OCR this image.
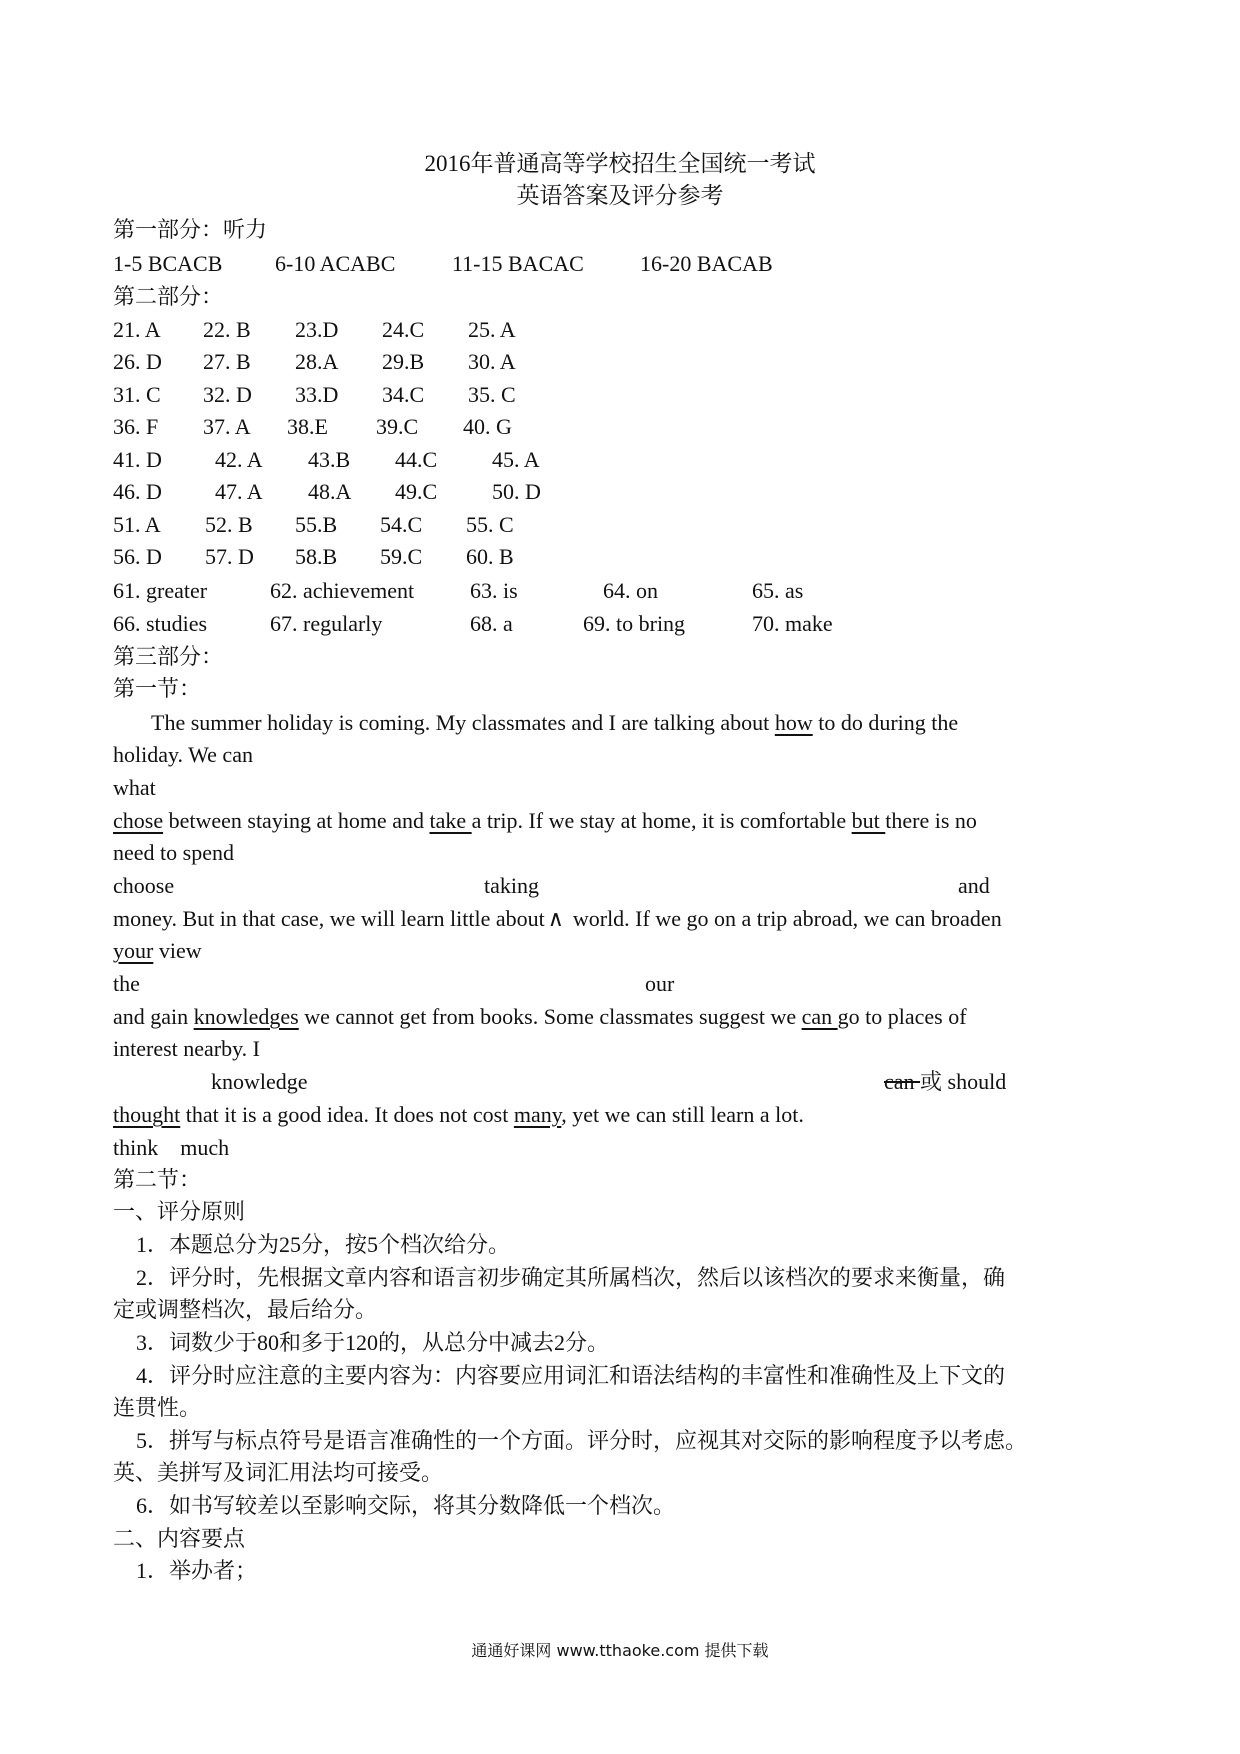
2016年普通高等学校招生全国统一考试
英语答案及评分参考
第一部分：听力
1-5 BCACB 6-10 ACABC	11-15 BACAC	16-20 BACAB
第二部分：
21. A 22. B 23.D 24.C 25. A
26. D 27. B 28.A 29.B 30. A
31. C 32. D 33.D 34.C 35. C
36. F 37. A 38.E 39.C 40. G
41. D 42. A 43.B 44.C 45. A
46. D 47. A 48.A 49.C 50. D
51. A 52. B 55.B 54.C 55. C
56. D 57. D 58.B 59.C 60. B
61. greater	62. achievement	63. is	64. on	65. as
66. studies	67. regularly	68. a	69. to bring	70. make
第三部分：
第一节：
The summer holiday is coming. My classmates and I are talking about how to do during the
holiday. We can
what
chose between staying at home and take a trip. If we stay at home, it is comfortable but there is no
need to spend
choose	taking	and
money. But in that case, we will learn little about ∧ world. If we go on a trip abroad, we can broaden
your view
the	our
and gain knowledges we cannot get from books. Some classmates suggest we can go to places of
interest nearby. I
knowledge	can 或 should
thought that it is a good idea. It does not cost many, yet we can still learn a lot.
think    much
第二节：
一、评分原则
1．本题总分为25分，按5个档次给分。
2．评分时，先根据文章内容和语言初步确定其所属档次，然后以该档次的要求来衡量，确
定或调整档次，最后给分。
3．词数少于80和多于120的，从总分中减去2分。
4．评分时应注意的主要内容为：内容要应用词汇和语法结构的丰富性和准确性及上下文的
连贯性。
5．拼写与标点符号是语言准确性的一个方面。评分时，应视其对交际的影响程度予以考虑。
英、美拼写及词汇用法均可接受。
6．如书写较差以至影响交际，将其分数降低一个档次。
二、内容要点
1．举办者；
通通好课网 www.tthaoke.com 提供下载
